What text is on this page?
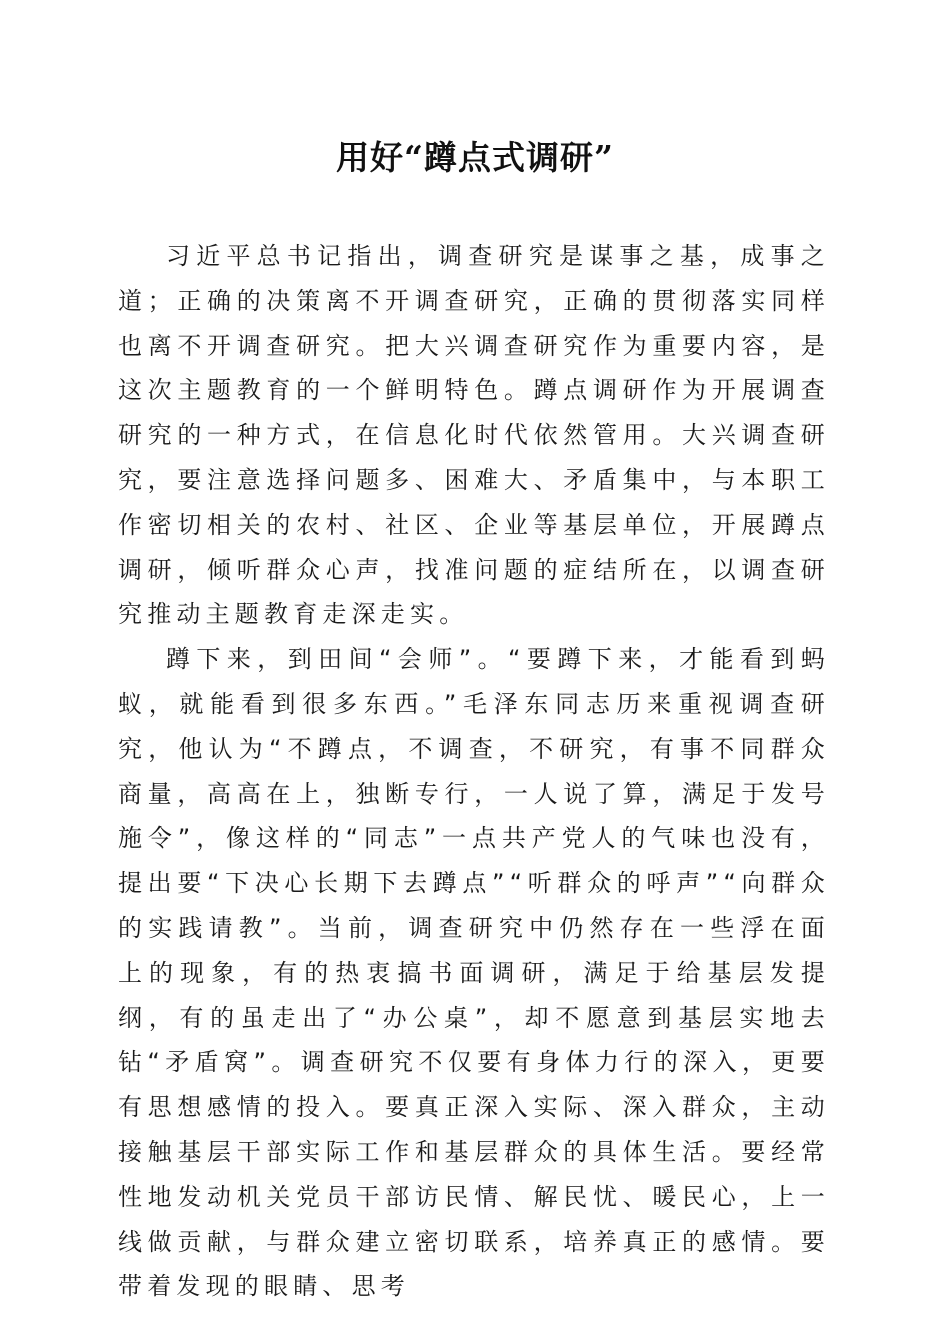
用好“蹲点式调研”

习近平总书记指出，调查研究是谋事之基，成事之道；正确的决策离不开调查研究，正确的贯彻落实同样也离不开调查研究。把大兴调查研究作为重要内容，是这次主题教育的一个鲜明特色。蹲点调研作为开展调查研究的一种方式，在信息化时代依然管用。大兴调查研究，要注意选择问题多、困难大、矛盾集中，与本职工作密切相关的农村、社区、企业等基层单位，开展蹲点调研，倾听群众心声，找准问题的症结所在，以调查研究推动主题教育走深走实。

蹲下来，到田间“会师”。“要蹲下来，才能看到蚂蚁，就能看到很多东西。”毛泽东同志历来重视调查研究，他认为“不蹲点，不调查，不研究，有事不同群众商量，高高在上，独断专行，一人说了算，满足于发号施令”，像这样的“同志”一点共产党人的气味也没有，提出要“下决心长期下去蹲点”“听群众的呼声”“向群众的实践请教”。当前，调查研究中仍然存在一些浮在面上的现象，有的热衷搞书面调研，满足于给基层发提纲，有的虽走出了“办公桌”，却不愿意到基层实地去钻“矛盾窝”。调查研究不仅要有身体力行的深入，更要有思想感情的投入。要真正深入实际、深入群众，主动接触基层干部实际工作和基层群众的具体生活。要经常性地发动机关党员干部访民情、解民忧、暖民心，上一线做贡献，与群众建立密切联系，培养真正的感情。要带着发现的眼睛、思考
